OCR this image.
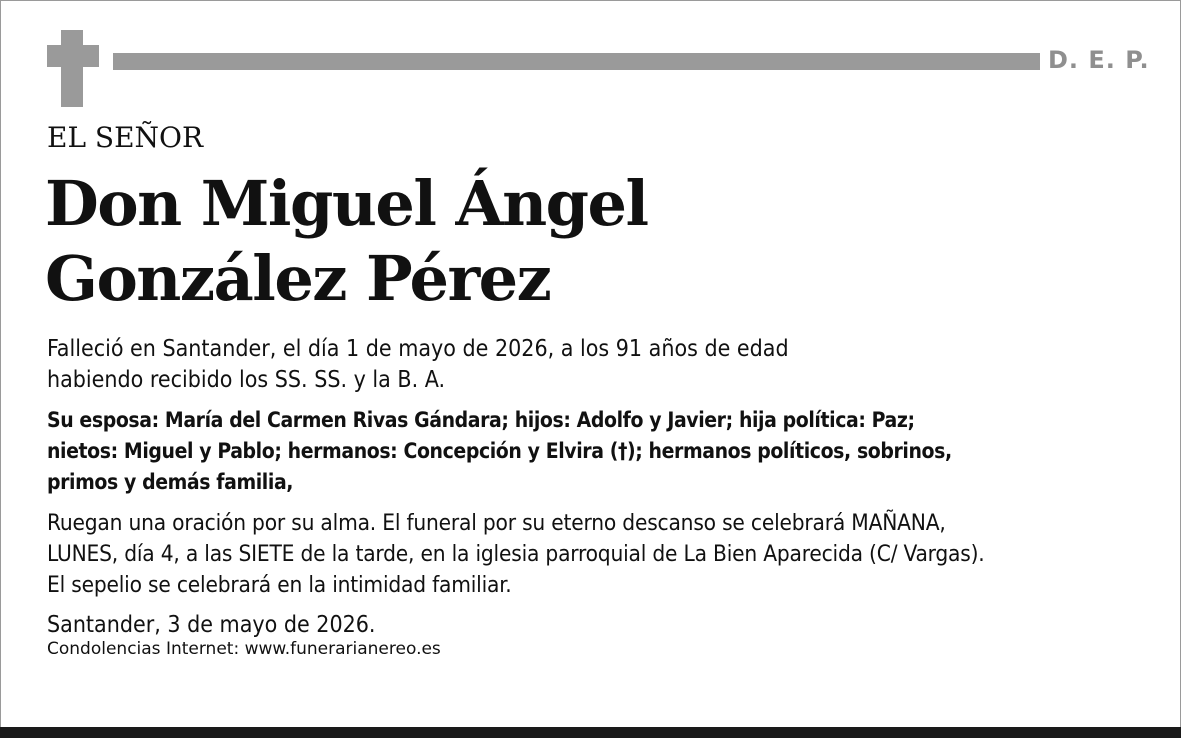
D. E. P.
EL SEÑOR
Don Miguel Ángel
González Pérez
Falleció en Santander, el día 1 de mayo de 2026, a los 91 años de edad
habiendo recibido los SS. SS. y la B. A.
Su esposa: María del Carmen Rivas Gándara; hijos: Adolfo y Javier; hija política: Paz;
nietos: Miguel y Pablo; hermanos: Concepción y Elvira (†); hermanos políticos, sobrinos,
primos y demás familia,
Ruegan una oración por su alma. El funeral por su eterno descanso se celebrará MAÑANA,
LUNES, día 4, a las SIETE de la tarde, en la iglesia parroquial de La Bien Aparecida (C/ Vargas).
El sepelio se celebrará en la intimidad familiar.
Santander, 3 de mayo de 2026.
Condolencias Internet: www.funerarianereo.es
